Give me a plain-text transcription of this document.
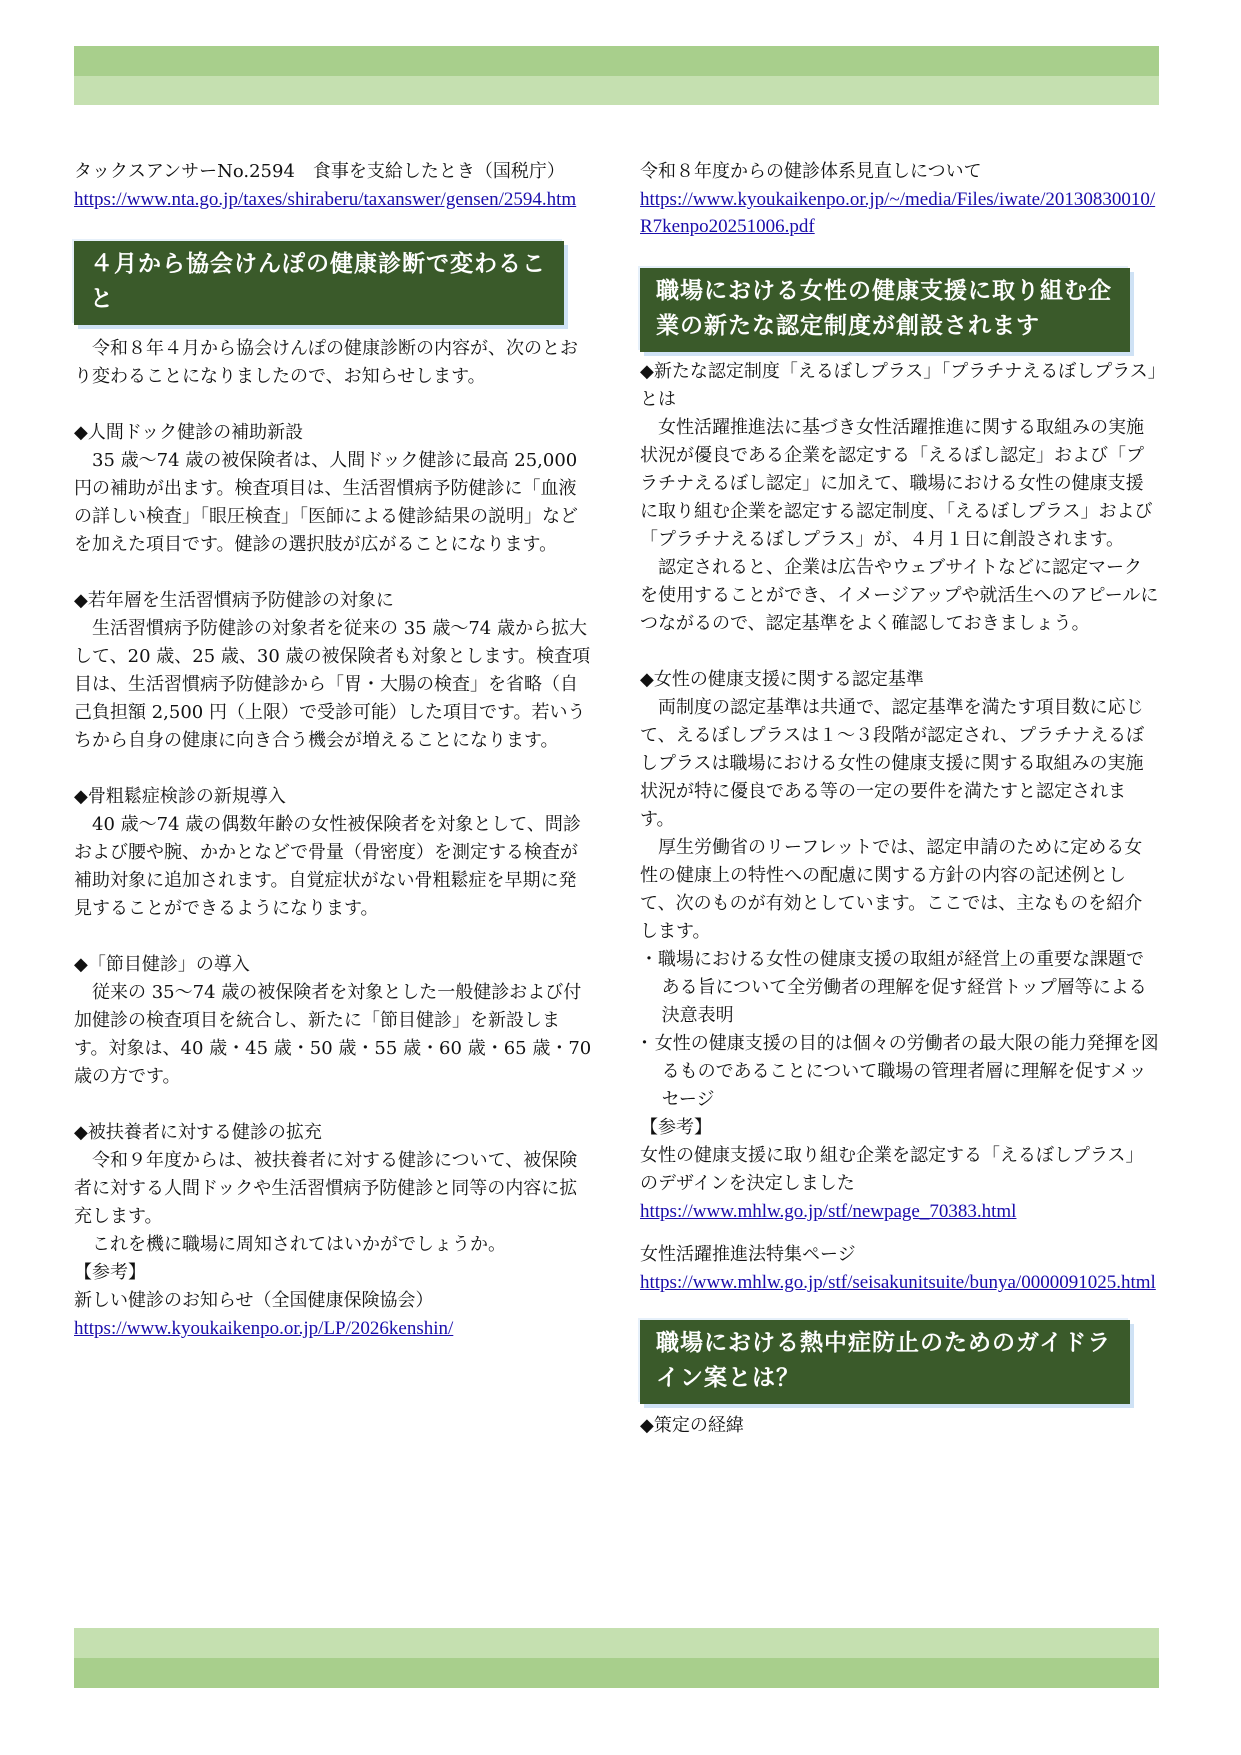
タックスアンサーNo.2594　食事を支給したとき（国税庁）

https://www.nta.go.jp/taxes/shiraberu/taxanswer/gensen/2594.htm
４月から協会けんぽの健康診断で変わること

令和８年４月から協会けんぽの健康診断の内容が、次のとおり変わることになりましたので、お知らせします。

◆人間ドック健診の補助新設

35 歳～74 歳の被保険者は、人間ドック健診に最高 25,000 円の補助が出ます。検査項目は、生活習慣病予防健診に「血液の詳しい検査」「眼圧検査」「医師による健診結果の説明」などを加えた項目です。健診の選択肢が広がることになります。

◆若年層を生活習慣病予防健診の対象に

生活習慣病予防健診の対象者を従来の 35 歳～74 歳から拡大して、20 歳、25 歳、30 歳の被保険者も対象とします。検査項目は、生活習慣病予防健診から「胃・大腸の検査」を省略（自己負担額 2,500 円（上限）で受診可能）した項目です。若いうちから自身の健康に向き合う機会が増えることになります。

◆骨粗鬆症検診の新規導入

40 歳～74 歳の偶数年齢の女性被保険者を対象として、問診および腰や腕、かかとなどで骨量（骨密度）を測定する検査が補助対象に追加されます。自覚症状がない骨粗鬆症を早期に発見することができるようになります。

◆「節目健診」の導入

従来の 35～74 歳の被保険者を対象とした一般健診および付加健診の検査項目を統合し、新たに「節目健診」を新設します。対象は、40 歳・45 歳・50 歳・55 歳・60 歳・65 歳・70 歳の方です。

◆被扶養者に対する健診の拡充

令和９年度からは、被扶養者に対する健診について、被保険者に対する人間ドックや生活習慣病予防健診と同等の内容に拡充します。

これを機に職場に周知されてはいかがでしょうか。

【参考】

新しい健診のお知らせ（全国健康保険協会）

https://www.kyoukaikenpo.or.jp/LP/2026kenshin/

令和８年度からの健診体系見直しについて

https://www.kyoukaikenpo.or.jp/~/media/Files/iwate/20130830010/R7kenpo20251006.pdf
職場における女性の健康支援に取り組む企業の新たな認定制度が創設されます

◆新たな認定制度「えるぼしプラス」「プラチナえるぼしプラス」とは

女性活躍推進法に基づき女性活躍推進に関する取組みの実施状況が優良である企業を認定する「えるぼし認定」および「プラチナえるぼし認定」に加えて、職場における女性の健康支援に取り組む企業を認定する認定制度、「えるぼしプラス」および「プラチナえるぼしプラス」が、４月１日に創設されます。

認定されると、企業は広告やウェブサイトなどに認定マークを使用することができ、イメージアップや就活生へのアピールにつながるので、認定基準をよく確認しておきましょう。

◆女性の健康支援に関する認定基準

両制度の認定基準は共通で、認定基準を満たす項目数に応じて、えるぼしプラスは１～３段階が認定され、プラチナえるぼしプラスは職場における女性の健康支援に関する取組みの実施状況が特に優良である等の一定の要件を満たすと認定されます。

厚生労働省のリーフレットでは、認定申請のために定める女性の健康上の特性への配慮に関する方針の内容の記述例として、次のものが有効としています。ここでは、主なものを紹介します。

・職場における女性の健康支援の取組が経営上の重要な課題である旨について全労働者の理解を促す経営トップ層等による決意表明

･ 女性の健康支援の目的は個々の労働者の最大限の能力発揮を図るものであることについて職場の管理者層に理解を促すメッセージ

【参考】

女性の健康支援に取り組む企業を認定する「えるぼしプラス」のデザインを決定しました

https://www.mhlw.go.jp/stf/newpage_70383.html

女性活躍推進法特集ページ

https://www.mhlw.go.jp/stf/seisakunitsuite/bunya/0000091025.html
職場における熱中症防止のためのガイドライン案とは？

◆策定の経緯
